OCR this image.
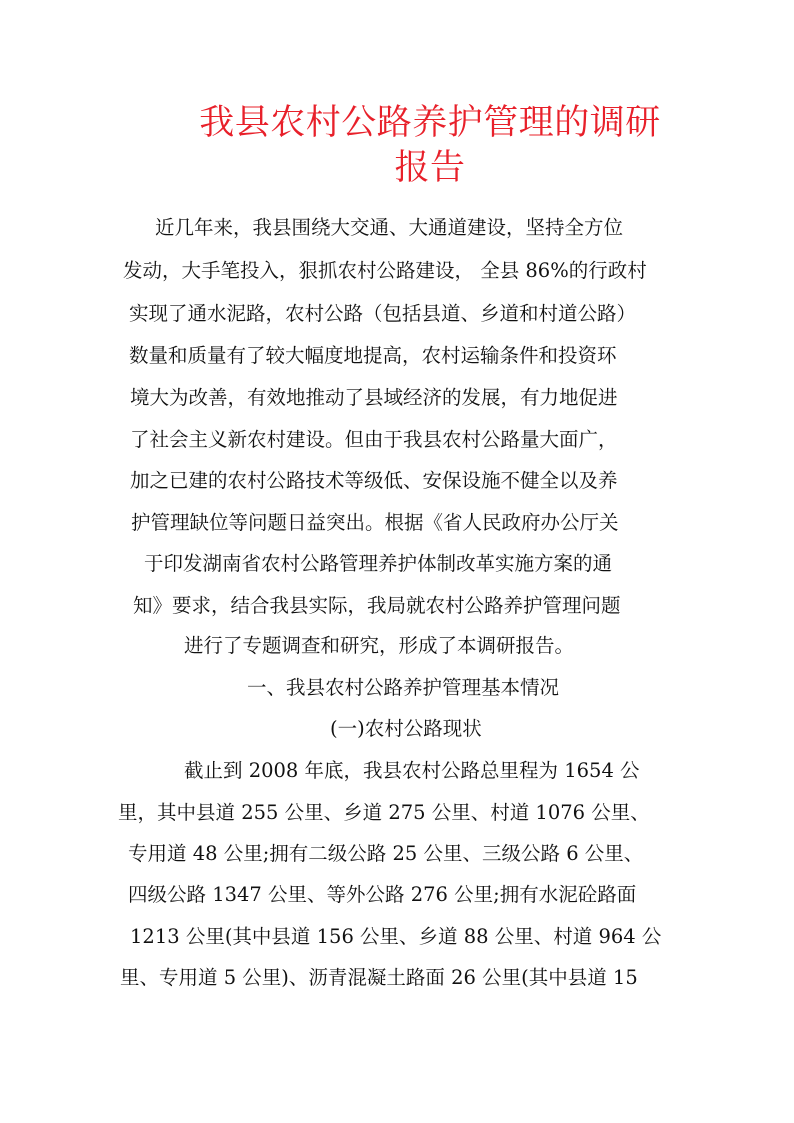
我县农村公路养护管理的调研
报告

近几年来，我县围绕大交通、大通道建设，坚持全方位

发动，大手笔投入，狠抓农村公路建设， 全县 86%的行政村

实现了通水泥路，农村公路（包括县道、乡道和村道公路）

数量和质量有了较大幅度地提高，农村运输条件和投资环

境大为改善，有效地推动了县域经济的发展，有力地促进

了社会主义新农村建设。但由于我县农村公路量大面广，

加之已建的农村公路技术等级低、安保设施不健全以及养

护管理缺位等问题日益突出。根据《省人民政府办公厅关

于印发湖南省农村公路管理养护体制改革实施方案的通

知》要求，结合我县实际，我局就农村公路养护管理问题

进行了专题调查和研究，形成了本调研报告。

一、我县农村公路养护管理基本情况
(一)农村公路现状

截止到 2008 年底，我县农村公路总里程为 1654 公

里，其中县道 255 公里、乡道 275 公里、村道 1076 公里、

专用道 48 公里;拥有二级公路 25 公里、三级公路 6 公里、

四级公路 1347 公里、等外公路 276 公里;拥有水泥砼路面

1213 公里(其中县道 156 公里、乡道 88 公里、村道 964 公

里、专用道 5 公里)、沥青混凝土路面 26 公里(其中县道 15
